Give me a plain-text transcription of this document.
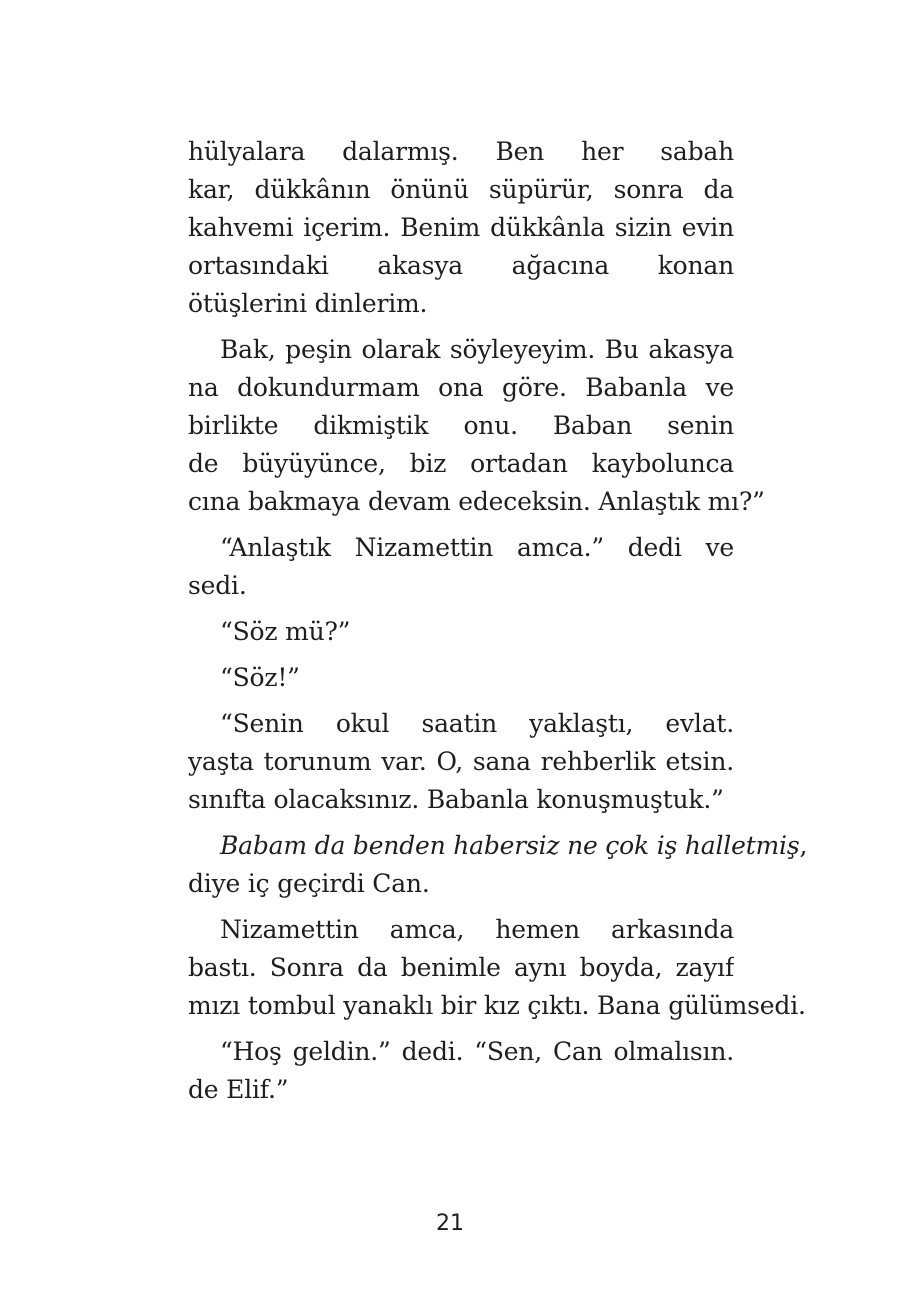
hülyalara dalarmış. Ben her sabah
kar, dükkânın önünü süpürür, sonra da
kahvemi içerim. Benim dükkânla sizin evin
ortasındaki akasya ağacına konan
ötüşlerini dinlerim.
Bak, peşin olarak söyleyeyim. Bu akasya
na dokundurmam ona göre. Babanla ve
birlikte dikmiştik onu. Baban senin
de büyüyünce, biz ortadan kaybolunca
cına bakmaya devam edeceksin. Anlaştık mı?”
“Anlaştık Nizamettin amca.” dedi ve
sedi.
“Söz mü?”
“Söz!”
“Senin okul saatin yaklaştı, evlat.
yaşta torunum var. O, sana rehberlik etsin.
sınıfta olacaksınız. Babanla konuşmuştuk.”
Babam da benden habersiz ne çok iş halletmiş,
diye iç geçirdi Can.
Nizamettin amca, hemen arkasında
bastı. Sonra da benimle aynı boyda, zayıf
mızı tombul yanaklı bir kız çıktı. Bana gülümsedi.
“Hoş geldin.” dedi. “Sen, Can olmalısın.
de Elif.”
21
